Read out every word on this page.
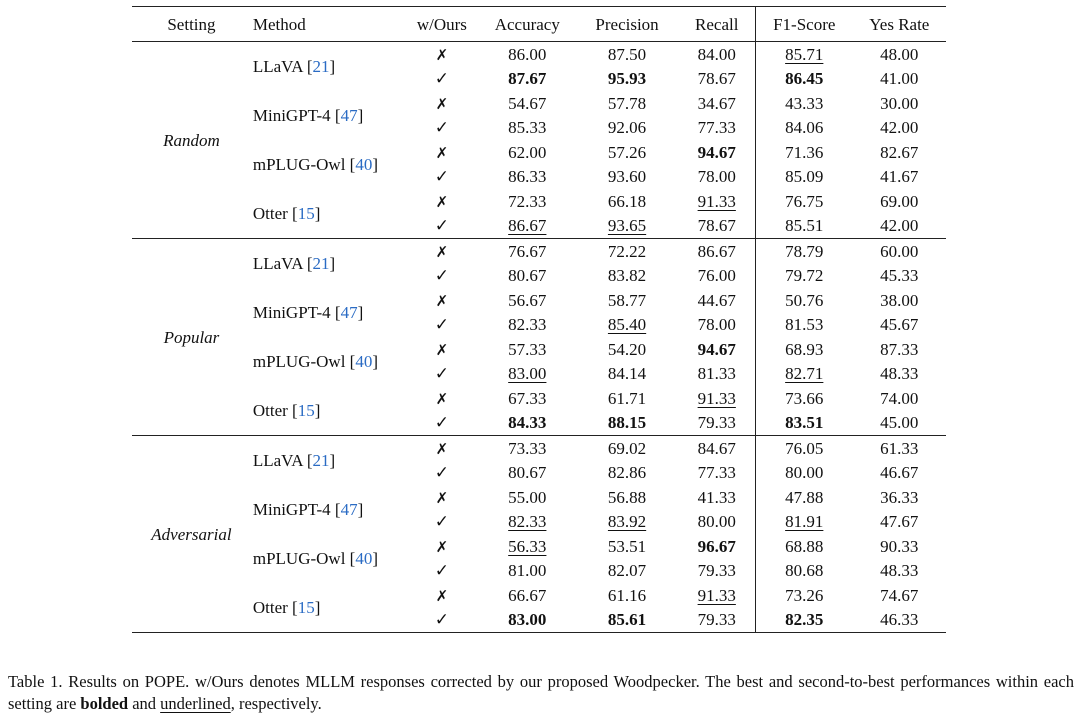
Setting	Method	w/Ours	Accuracy	Precision	Recall	F1-Score	Yes Rate
Random	LLaVA [21]	✗	86.00	87.50	84.00	85.71	48.00
		✓	87.67	95.93	78.67	86.45	41.00
	MiniGPT-4 [47]	✗	54.67	57.78	34.67	43.33	30.00
		✓	85.33	92.06	77.33	84.06	42.00
	mPLUG-Owl [40]	✗	62.00	57.26	94.67	71.36	82.67
		✓	86.33	93.60	78.00	85.09	41.67
	Otter [15]	✗	72.33	66.18	91.33	76.75	69.00
		✓	86.67	93.65	78.67	85.51	42.00
Popular	LLaVA [21]	✗	76.67	72.22	86.67	78.79	60.00
		✓	80.67	83.82	76.00	79.72	45.33
	MiniGPT-4 [47]	✗	56.67	58.77	44.67	50.76	38.00
		✓	82.33	85.40	78.00	81.53	45.67
	mPLUG-Owl [40]	✗	57.33	54.20	94.67	68.93	87.33
		✓	83.00	84.14	81.33	82.71	48.33
	Otter [15]	✗	67.33	61.71	91.33	73.66	74.00
		✓	84.33	88.15	79.33	83.51	45.00
Adversarial	LLaVA [21]	✗	73.33	69.02	84.67	76.05	61.33
		✓	80.67	82.86	77.33	80.00	46.67
	MiniGPT-4 [47]	✗	55.00	56.88	41.33	47.88	36.33
		✓	82.33	83.92	80.00	81.91	47.67
	mPLUG-Owl [40]	✗	56.33	53.51	96.67	68.88	90.33
		✓	81.00	82.07	79.33	80.68	48.33
	Otter [15]	✗	66.67	61.16	91.33	73.26	74.67
		✓	83.00	85.61	79.33	82.35	46.33
Table 1. Results on POPE. w/Ours denotes MLLM responses corrected by our proposed Woodpecker. The best and second-to-best performances within each setting are bolded and underlined, respectively.
